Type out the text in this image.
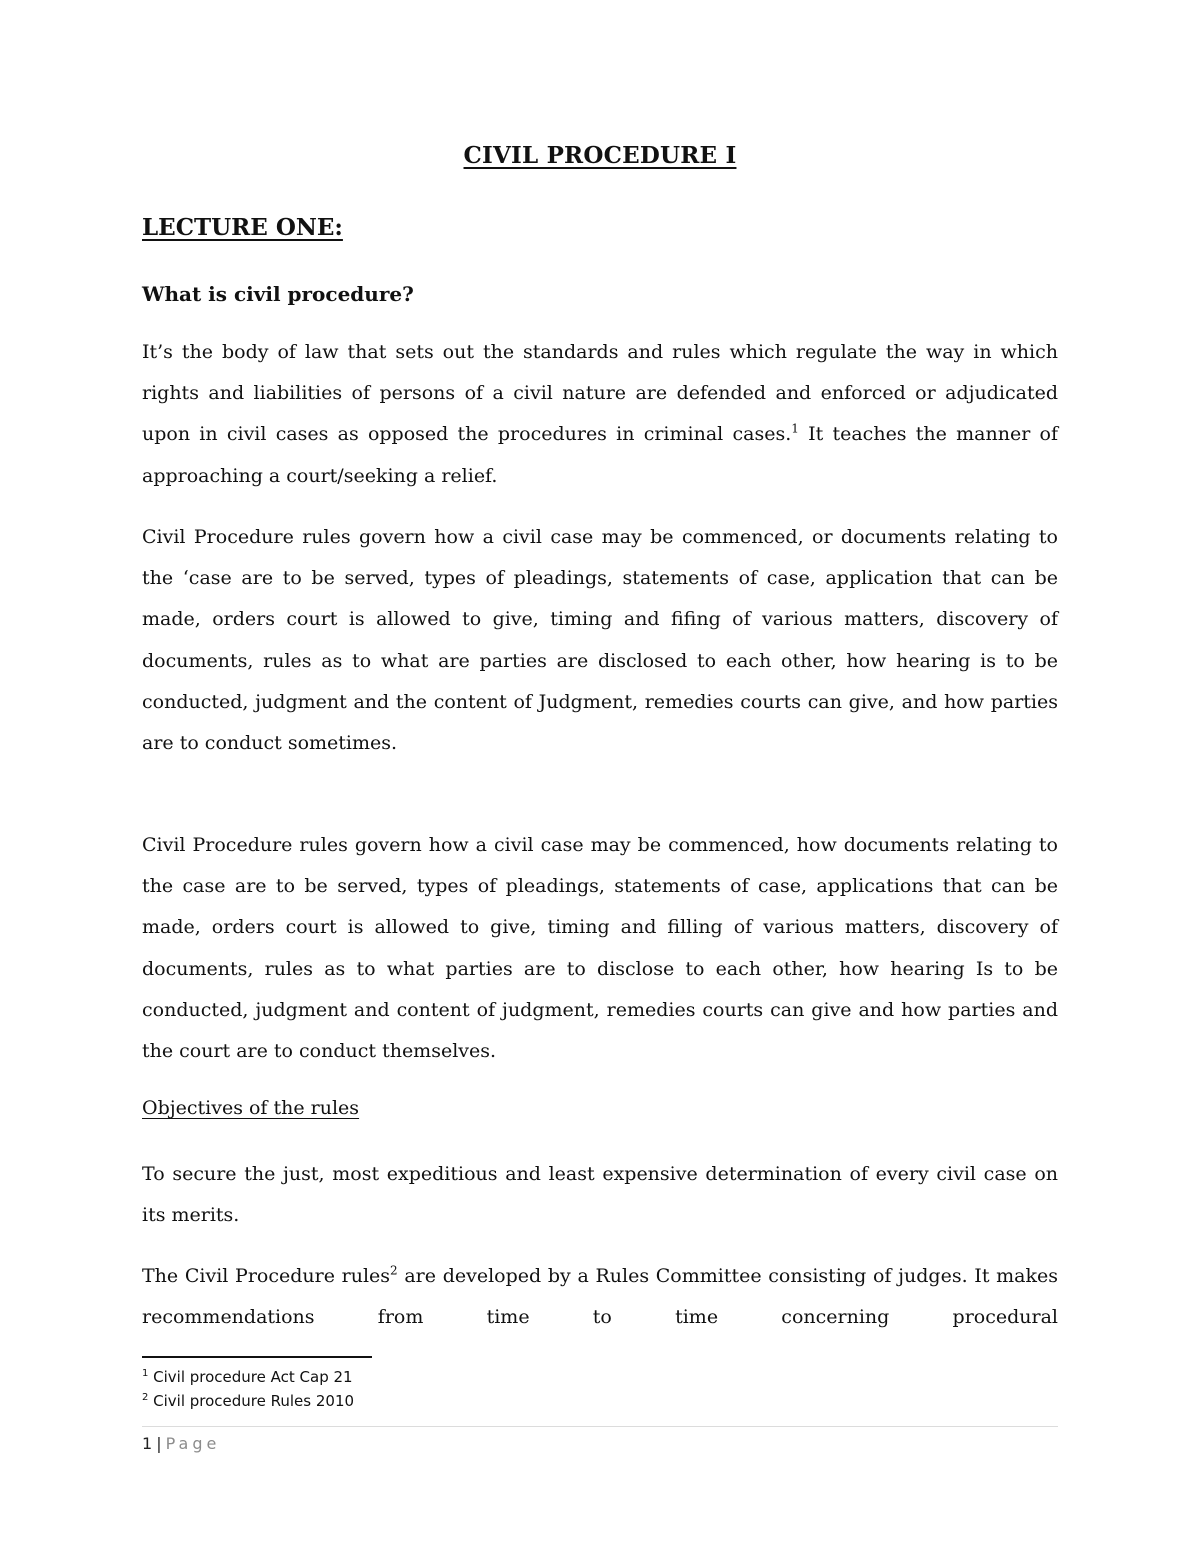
CIVIL PROCEDURE I
LECTURE ONE:
What is civil procedure?

It’s the body of law that sets out the standards and rules which regulate the way in which rights and liabilities of persons of a civil nature are defended and enforced or adjudicated upon in civil cases as opposed the procedures in criminal cases.$^1$ It teaches the manner of approaching a court/seeking a relief.

Civil Procedure rules govern how a civil case may be commenced, or documents relating to the ‘case are to be served, types of pleadings, statements of case, application that can be made, orders court is allowed to give, timing and fifing of various matters, discovery of documents, rules as to what are parties are disclosed to each other, how hearing is to be conducted, judgment and the content of Judgment, remedies courts can give, and how parties are to conduct sometimes.

Civil Procedure rules govern how a civil case may be commenced, how documents relating to the case are to be served, types of pleadings, statements of case, applications that can be made, orders court is allowed to give, timing and filling of various matters, discovery of documents, rules as to what parties are to disclose to each other, how hearing Is to be conducted, judgment and content of judgment, remedies courts can give and how parties and the court are to conduct themselves.

Objectives of the rules

To secure the just, most expeditious and least expensive determination of every civil case on its merits.

The Civil Procedure rules$^2$ are developed by a Rules Committee consisting of judges. It makes recommendations from time to time concerning procedural

$^1$ Civil procedure Act Cap 21
$^2$ Civil procedure Rules 2010
1 | Page
